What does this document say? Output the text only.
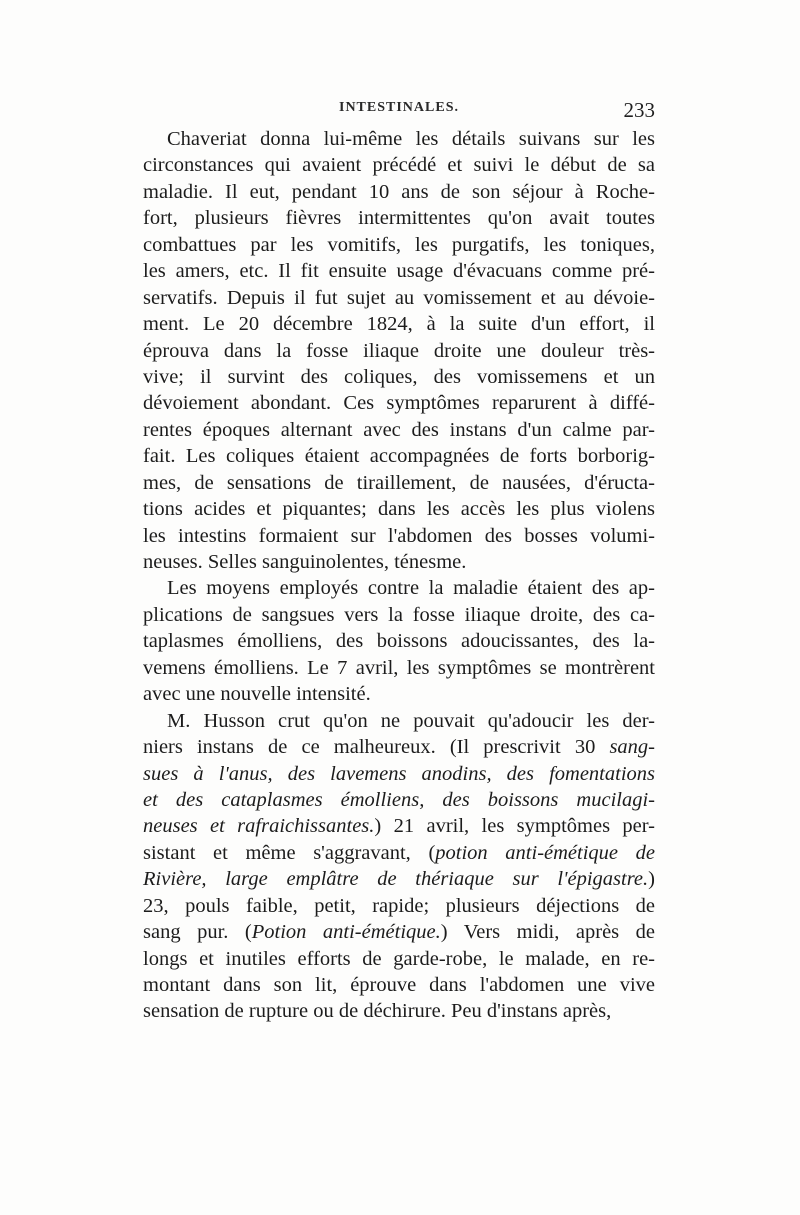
INTESTINALES.	233
Chaveriat donna lui-même les détails suivans sur les
circonstances qui avaient précédé et suivi le début de sa
maladie. Il eut, pendant 10 ans de son séjour à Roche-
fort, plusieurs fièvres intermittentes qu'on avait toutes
combattues par les vomitifs, les purgatifs, les toniques,
les amers, etc. Il fit ensuite usage d'évacuans comme pré-
servatifs. Depuis il fut sujet au vomissement et au dévoie-
ment. Le 20 décembre 1824, à la suite d'un effort, il
éprouva dans la fosse iliaque droite une douleur très-
vive; il survint des coliques, des vomissemens et un
dévoiement abondant. Ces symptômes reparurent à diffé-
rentes époques alternant avec des instans d'un calme par-
fait. Les coliques étaient accompagnées de forts borborig-
mes, de sensations de tiraillement, de nausées, d'éructa-
tions acides et piquantes; dans les accès les plus violens
les intestins formaient sur l'abdomen des bosses volumi-
neuses. Selles sanguinolentes, ténesme.
Les moyens employés contre la maladie étaient des ap-
plications de sangsues vers la fosse iliaque droite, des ca-
taplasmes émolliens, des boissons adoucissantes, des la-
vemens émolliens. Le 7 avril, les symptômes se montrèrent
avec une nouvelle intensité.
M. Husson crut qu'on ne pouvait qu'adoucir les der-
niers instans de ce malheureux. (Il prescrivit 30 sang-
sues à l'anus, des lavemens anodins, des fomentations
et des cataplasmes émolliens, des boissons mucilagi-
neuses et rafraichissantes.) 21 avril, les symptômes per-
sistant et même s'aggravant, (potion anti-émétique de
Rivière, large emplâtre de thériaque sur l'épigastre.)
23, pouls faible, petit, rapide; plusieurs déjections de
sang pur. (Potion anti-émétique.) Vers midi, après de
longs et inutiles efforts de garde-robe, le malade, en re-
montant dans son lit, éprouve dans l'abdomen une vive
sensation de rupture ou de déchirure. Peu d'instans après,
